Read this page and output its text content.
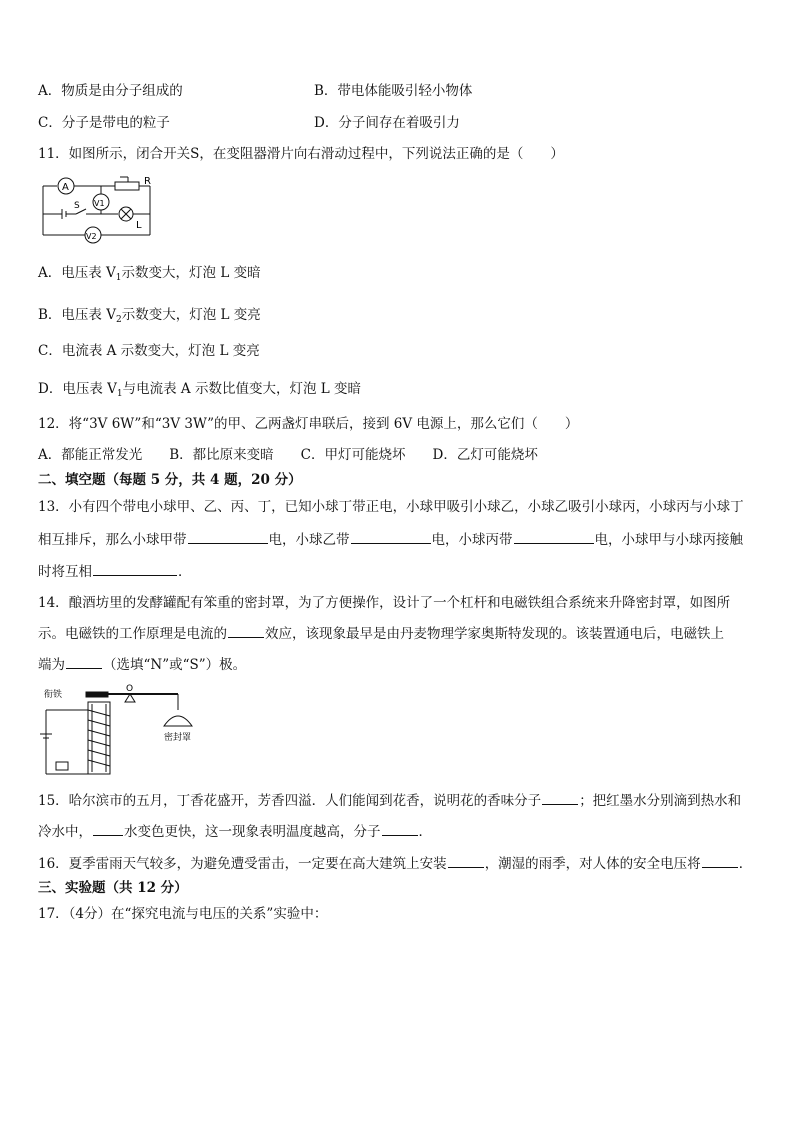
A．物质是由分子组成的	B．带电体能吸引轻小物体
C．分子是带电的粒子	D．分子间存在着吸引力
11．如图所示，闭合开关S，在变阻器滑片向右滑动过程中，下列说法正确的是（　　）
A
R
S V1
V2
L
A．电压表 $V_1$示数变大，灯泡 L 变暗
B．电压表 $V_2$示数变大，灯泡 L 变亮
C．电流表 A 示数变大，灯泡 L 变亮
D．电压表 $V_1$与电流表 A 示数比值变大，灯泡 L 变暗
12．将“3V 6W”和“3V 3W”的甲、乙两盏灯串联后，接到 6V 电源上，那么它们（　　）
A．都能正常发光　　B．都比原来变暗　　C．甲灯可能烧坏　　D．乙灯可能烧坏
二、填空题（每题 5 分，共 4 题，20 分）
13．小有四个带电小球甲、乙、丙、丁，已知小球丁带正电，小球甲吸引小球乙，小球乙吸引小球丙，小球丙与小球丁
相互排斥，那么小球甲带	电，小球乙带	电，小球丙带	电，小球甲与小球丙接触
时将互相	．
14．酿酒坊里的发酵罐配有笨重的密封罩，为了方便操作，设计了一个杠杆和电磁铁组合系统来升降密封罩，如图所
示。电磁铁的工作原理是电流的	效应，该现象最早是由丹麦物理学家奥斯特发现的。该装置通电后，电磁铁上
端为	（选填“N”或“S”）极。
衔铁
O
密封罩
15．哈尔滨市的五月，丁香花盛开，芳香四溢．人们能闻到花香，说明花的香味分子	；把红墨水分别滴到热水和
冷水中， 水变色更快，这一现象表明温度越高，分子	．
16．夏季雷雨天气较多，为避免遭受雷击，一定要在高大建筑上安装	，潮湿的雨季，对人体的安全电压将	．
三、实验题（共 12 分）
17．（4分）在“探究电流与电压的关系”实验中：
